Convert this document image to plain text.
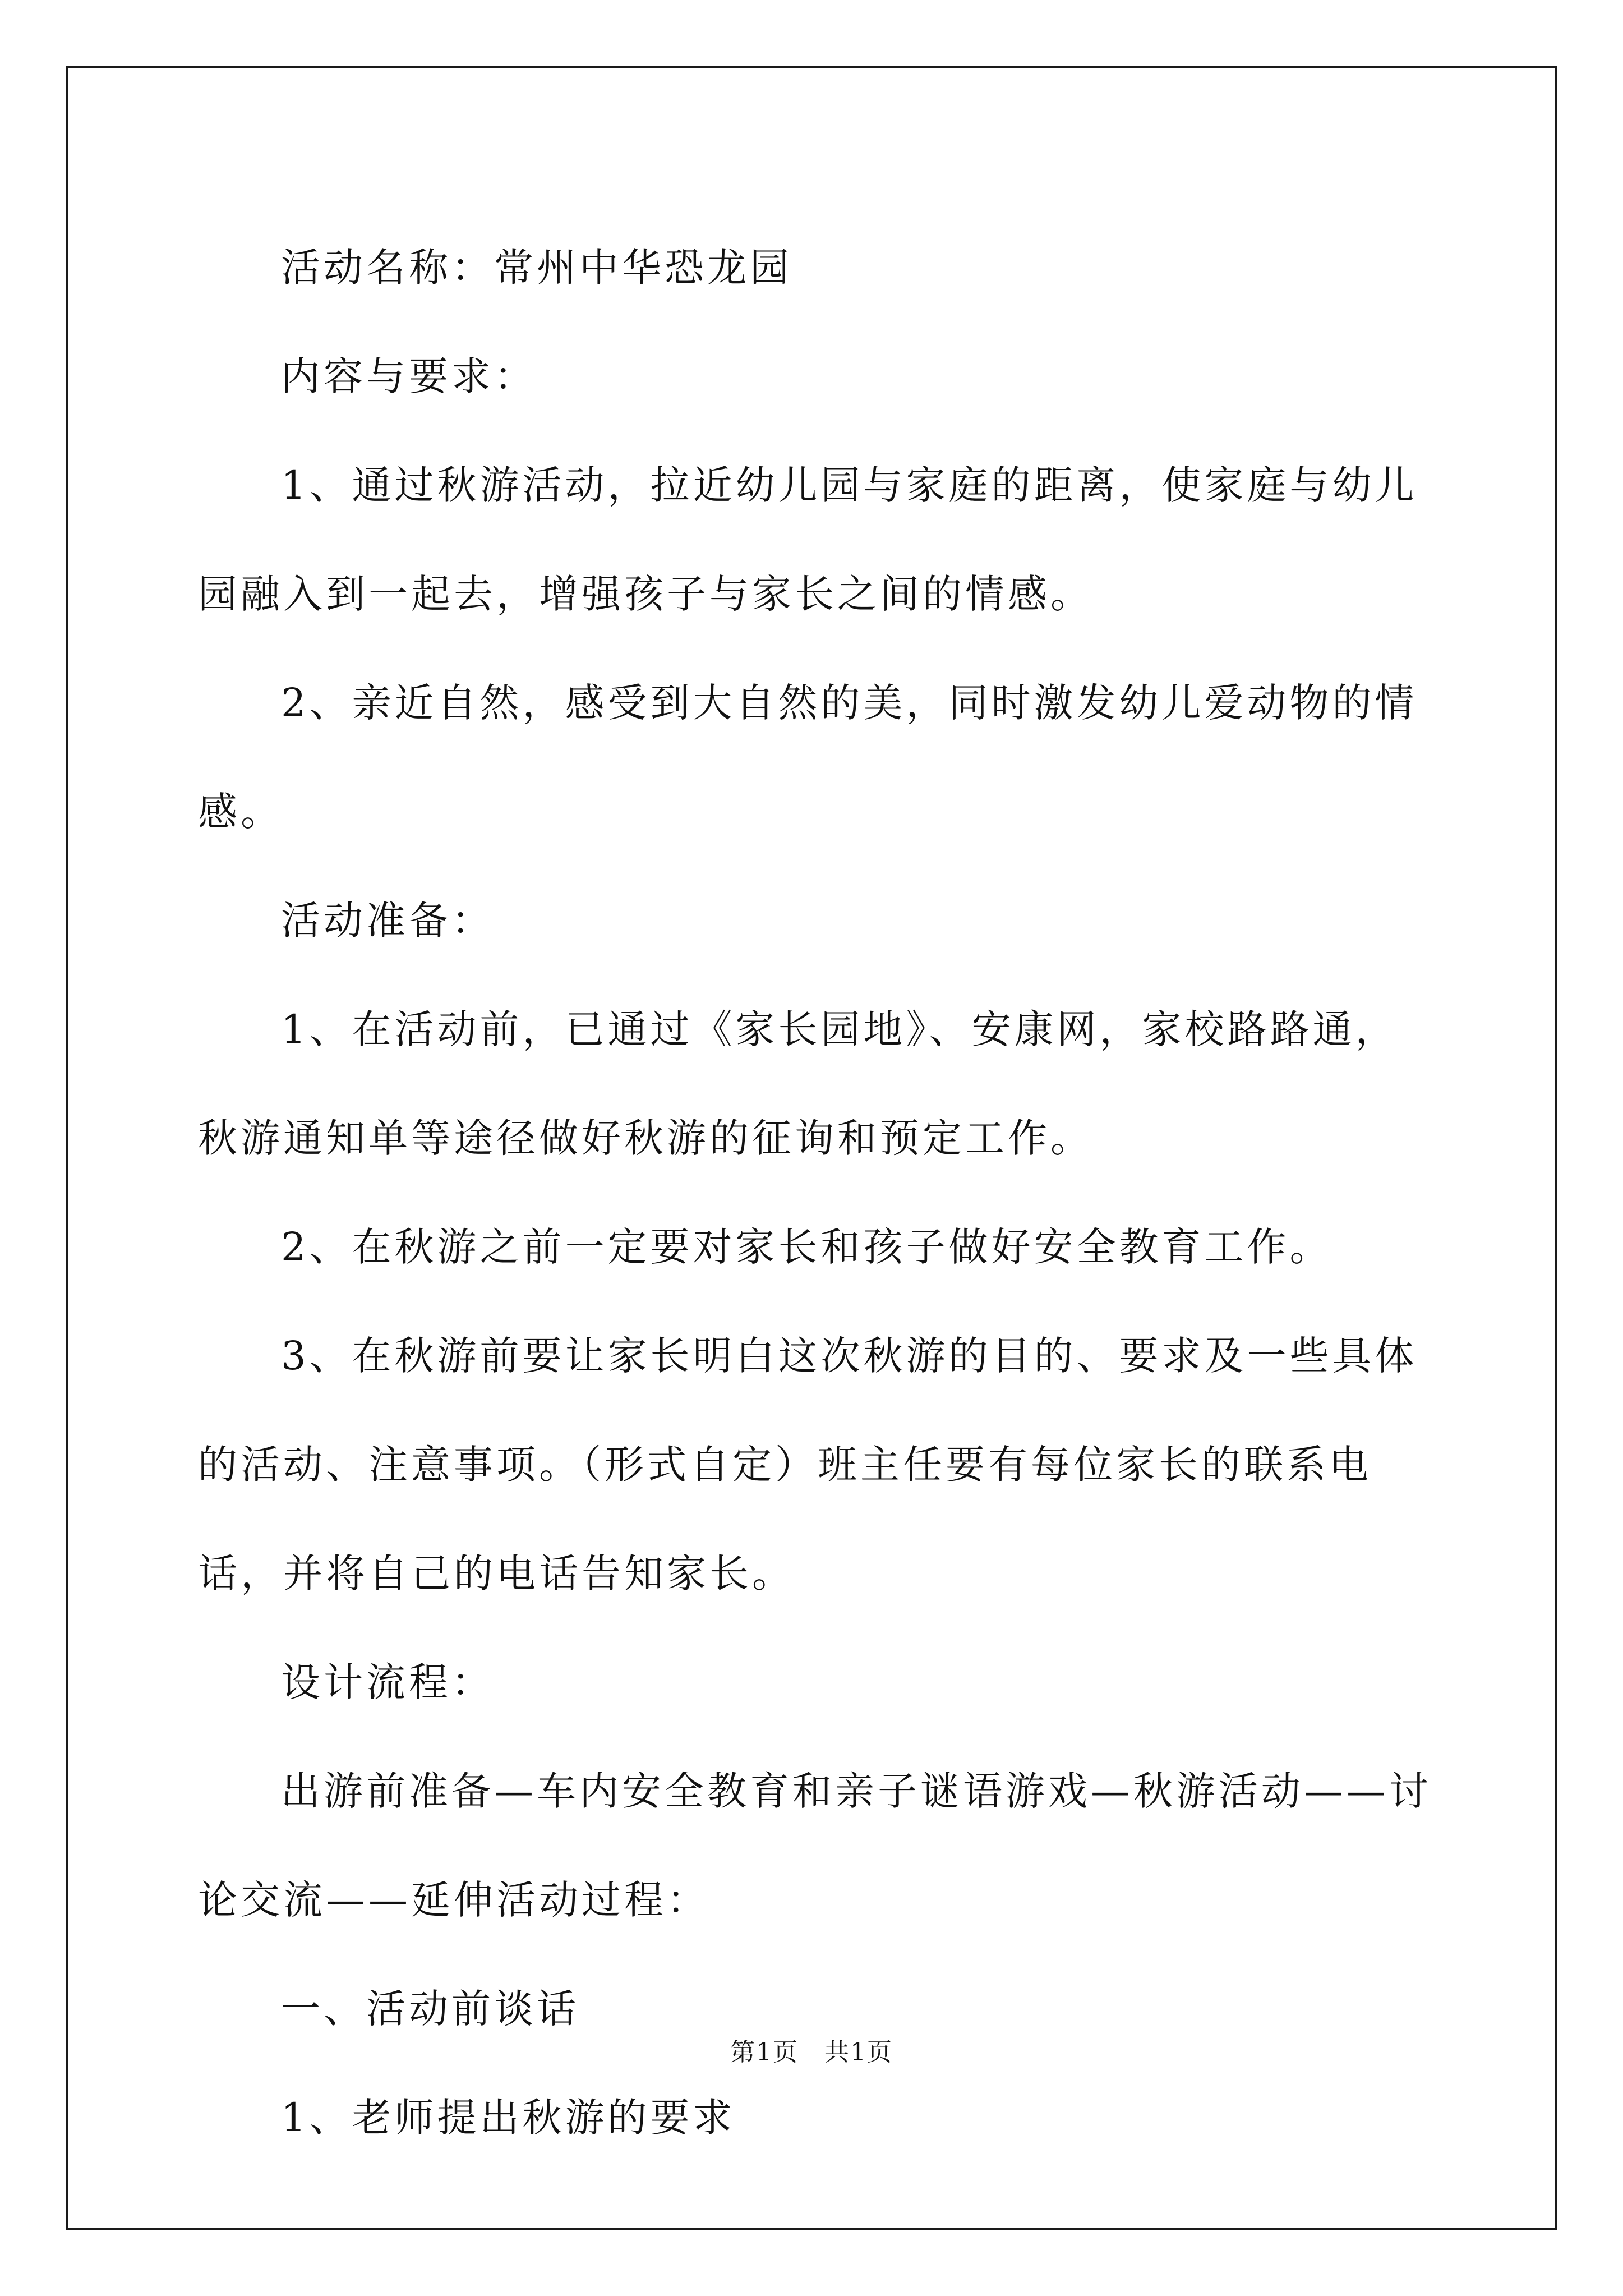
活动名称：常州中华恐龙园

内容与要求：

1、通过秋游活动，拉近幼儿园与家庭的距离，使家庭与幼儿园融入到一起去，增强孩子与家长之间的情感。

2、亲近自然，感受到大自然的美，同时激发幼儿爱动物的情感。

活动准备：

1、在活动前，已通过《家长园地》、安康网，家校路路通，秋游通知单等途径做好秋游的征询和预定工作。

2、在秋游之前一定要对家长和孩子做好安全教育工作。

3、在秋游前要让家长明白这次秋游的目的、要求及一些具体的活动、注意事项。（形式自定）班主任要有每位家长的联系电话，并将自己的电话告知家长。

设计流程：

出游前准备—车内安全教育和亲子谜语游戏—秋游活动——讨论交流——延伸活动过程：

一、活动前谈话

1、老师提出秋游的要求

第1页　共1页
